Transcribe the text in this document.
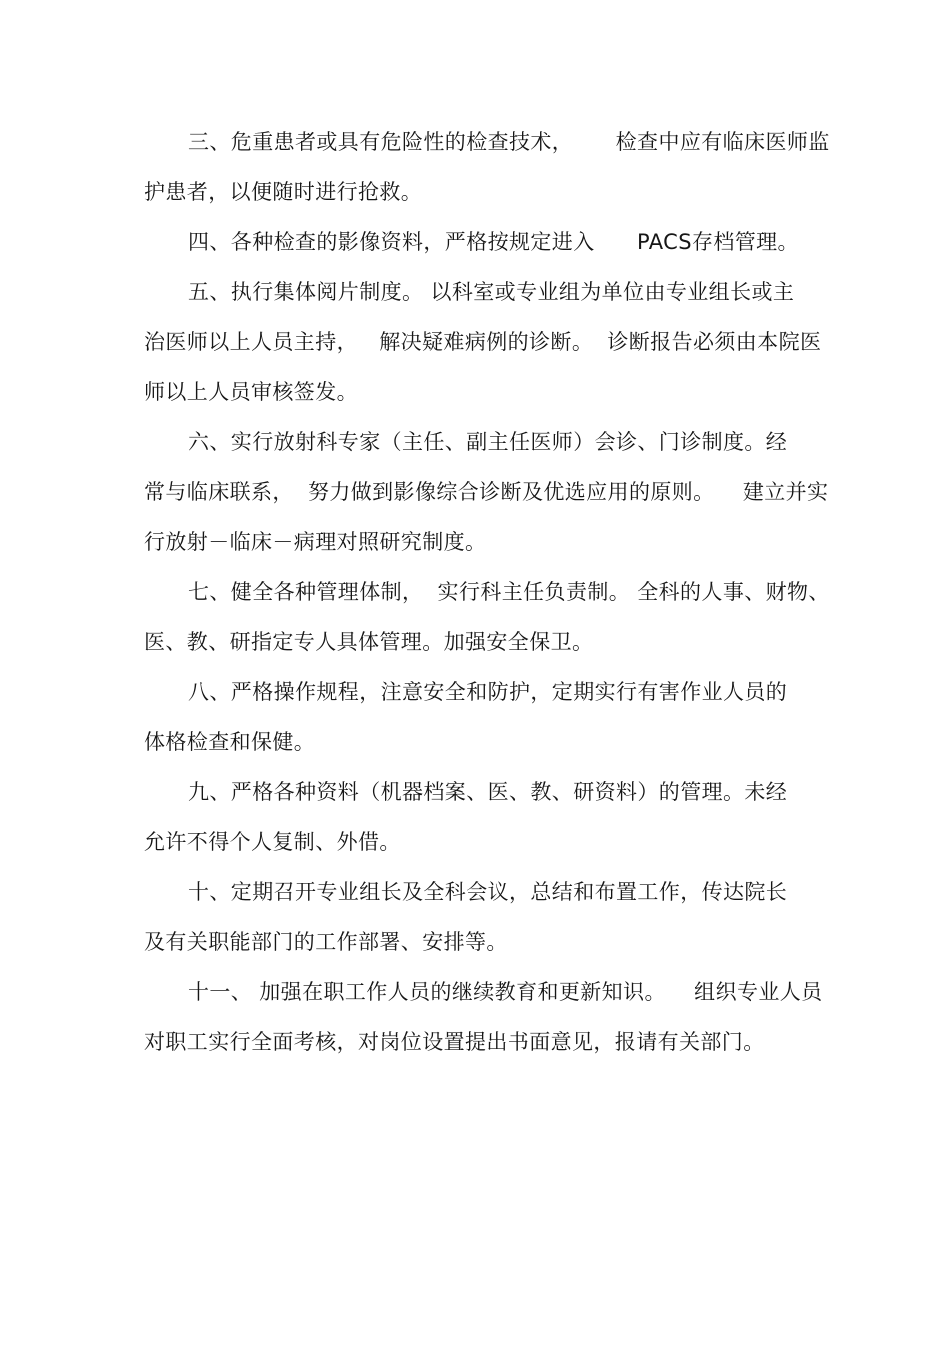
三、危重患者或具有危险性的检查技术，      检查中应有临床医师监
护患者，以便随时进行抢救。
四、各种检查的影像资料，严格按规定进入      PACS存档管理。
五、执行集体阅片制度。 以科室或专业组为单位由专业组长或主
治医师以上人员主持，   解决疑难病例的诊断。  诊断报告必须由本院医
师以上人员审核签发。
六、实行放射科专家（主任、副主任医师）会诊、门诊制度。经
常与临床联系，  努力做到影像综合诊断及优选应用的原则。    建立并实
行放射－临床－病理对照研究制度。
七、健全各种管理体制，  实行科主任负责制。 全科的人事、财物、
医、教、研指定专人具体管理。加强安全保卫。
八、严格操作规程，注意安全和防护，定期实行有害作业人员的
体格检查和保健。
九、严格各种资料（机器档案、医、教、研资料）的管理。未经
允许不得个人复制、外借。
十、定期召开专业组长及全科会议，总结和布置工作，传达院长
及有关职能部门的工作部署、安排等。
十一、 加强在职工作人员的继续教育和更新知识。    组织专业人员
对职工实行全面考核，对岗位设置提出书面意见，报请有关部门。
